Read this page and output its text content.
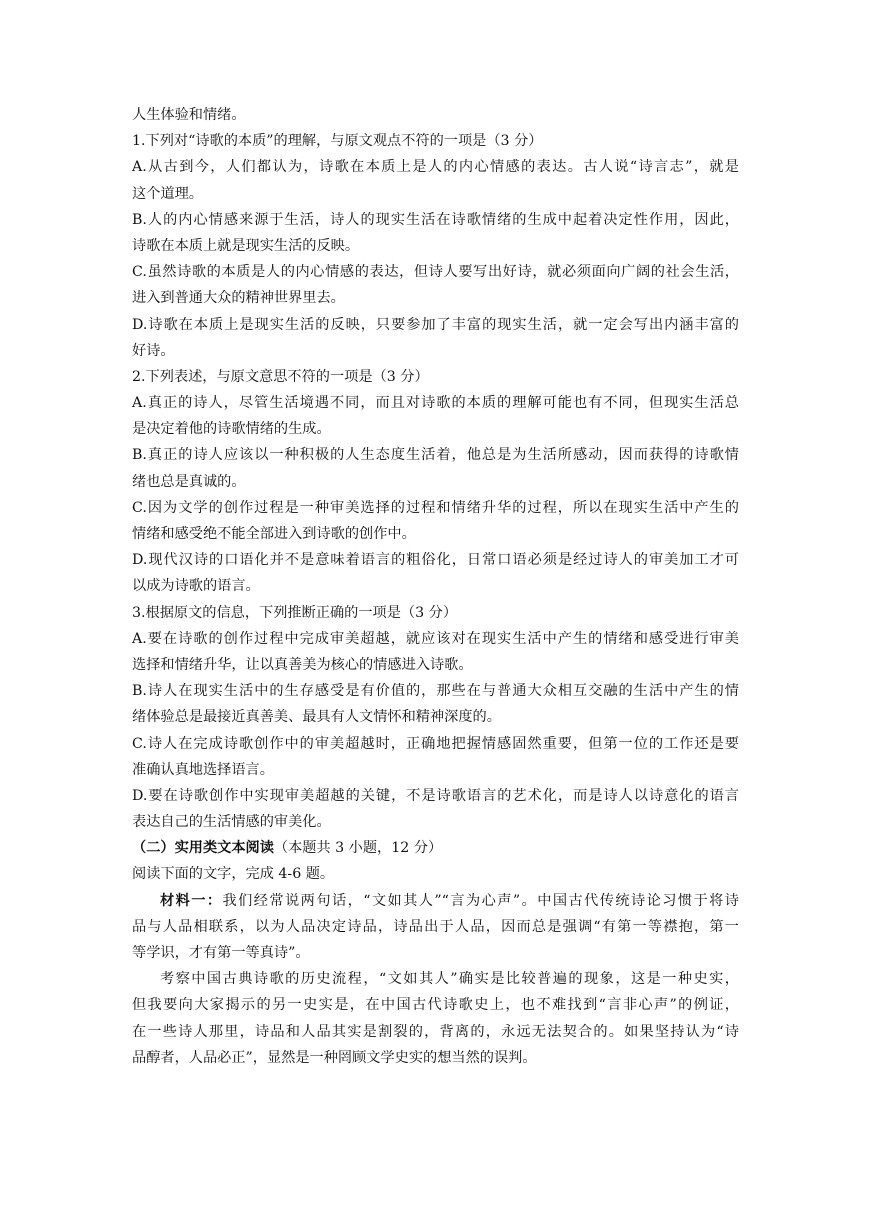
人生体验和情绪。
1.下列对“诗歌的本质”的理解，与原文观点不符的一项是（3 分）
A.从古到今，人们都认为，诗歌在本质上是人的内心情感的表达。古人说“诗言志”，就是
这个道理。
B.人的内心情感来源于生活，诗人的现实生活在诗歌情绪的生成中起着决定性作用，因此，
诗歌在本质上就是现实生活的反映。
C.虽然诗歌的本质是人的内心情感的表达，但诗人要写出好诗，就必须面向广阔的社会生活，
进入到普通大众的精神世界里去。
D.诗歌在本质上是现实生活的反映，只要参加了丰富的现实生活，就一定会写出内涵丰富的
好诗。
2.下列表述，与原文意思不符的一项是（3 分）
A.真正的诗人，尽管生活境遇不同，而且对诗歌的本质的理解可能也有不同，但现实生活总
是决定着他的诗歌情绪的生成。
B.真正的诗人应该以一种积极的人生态度生活着，他总是为生活所感动，因而获得的诗歌情
绪也总是真诚的。
C.因为文学的创作过程是一种审美选择的过程和情绪升华的过程，所以在现实生活中产生的
情绪和感受绝不能全部进入到诗歌的创作中。
D.现代汉诗的口语化并不是意味着语言的粗俗化，日常口语必须是经过诗人的审美加工才可
以成为诗歌的语言。
3.根据原文的信息，下列推断正确的一项是（3 分）
A.要在诗歌的创作过程中完成审美超越，就应该对在现实生活中产生的情绪和感受进行审美
选择和情绪升华，让以真善美为核心的情感进入诗歌。
B.诗人在现实生活中的生存感受是有价值的，那些在与普通大众相互交融的生活中产生的情
绪体验总是最接近真善美、最具有人文情怀和精神深度的。
C.诗人在完成诗歌创作中的审美超越时，正确地把握情感固然重要，但第一位的工作还是要
准确认真地选择语言。
D.要在诗歌创作中实现审美超越的关键，不是诗歌语言的艺术化，而是诗人以诗意化的语言
表达自己的生活情感的审美化。
（二）实用类文本阅读（本题共 3 小题，12 分）
阅读下面的文字，完成 4-6 题。
材料一：我们经常说两句话，“文如其人”“言为心声”。中国古代传统诗论习惯于将诗
品与人品相联系，以为人品决定诗品，诗品出于人品，因而总是强调“有第一等襟抱，第一
等学识，才有第一等真诗”。
考察中国古典诗歌的历史流程，“文如其人”确实是比较普遍的现象，这是一种史实，
但我要向大家揭示的另一史实是，在中国古代诗歌史上，也不难找到“言非心声”的例证，
在一些诗人那里，诗品和人品其实是割裂的，背离的，永远无法契合的。如果坚持认为“诗
品醇者，人品必正”，显然是一种罔顾文学史实的想当然的误判。
